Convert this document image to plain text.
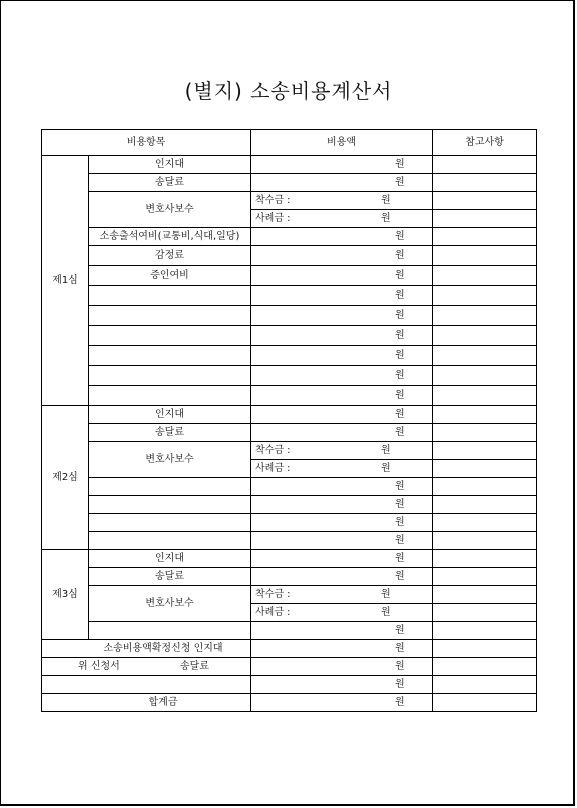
(별지) 소송비용계산서
비용항목		비용액	참고사항
제1심	인지대	원	

	송달료	원	

	변호사보수	착수금 : 원	

		사례금 : 원	

	소송출석여비(교통비,식대,일당)	원	

	감정료	원	

	증인여비	원	

		원	

		원	

		원	

		원	

		원	

		원	

제2심	인지대	원	

	송달료	원	

	변호사보수	착수금 : 원	

		사례금 : 원	

		원	

		원	

		원	

		원	

제3심	인지대	원	

	송달료	원	

	변호사보수	착수금 : 원	

		사례금 : 원	

		원	

소송비용액확정신청 인지대		원	

위 신청서 송달료		원	

		원	

합계금		원	
